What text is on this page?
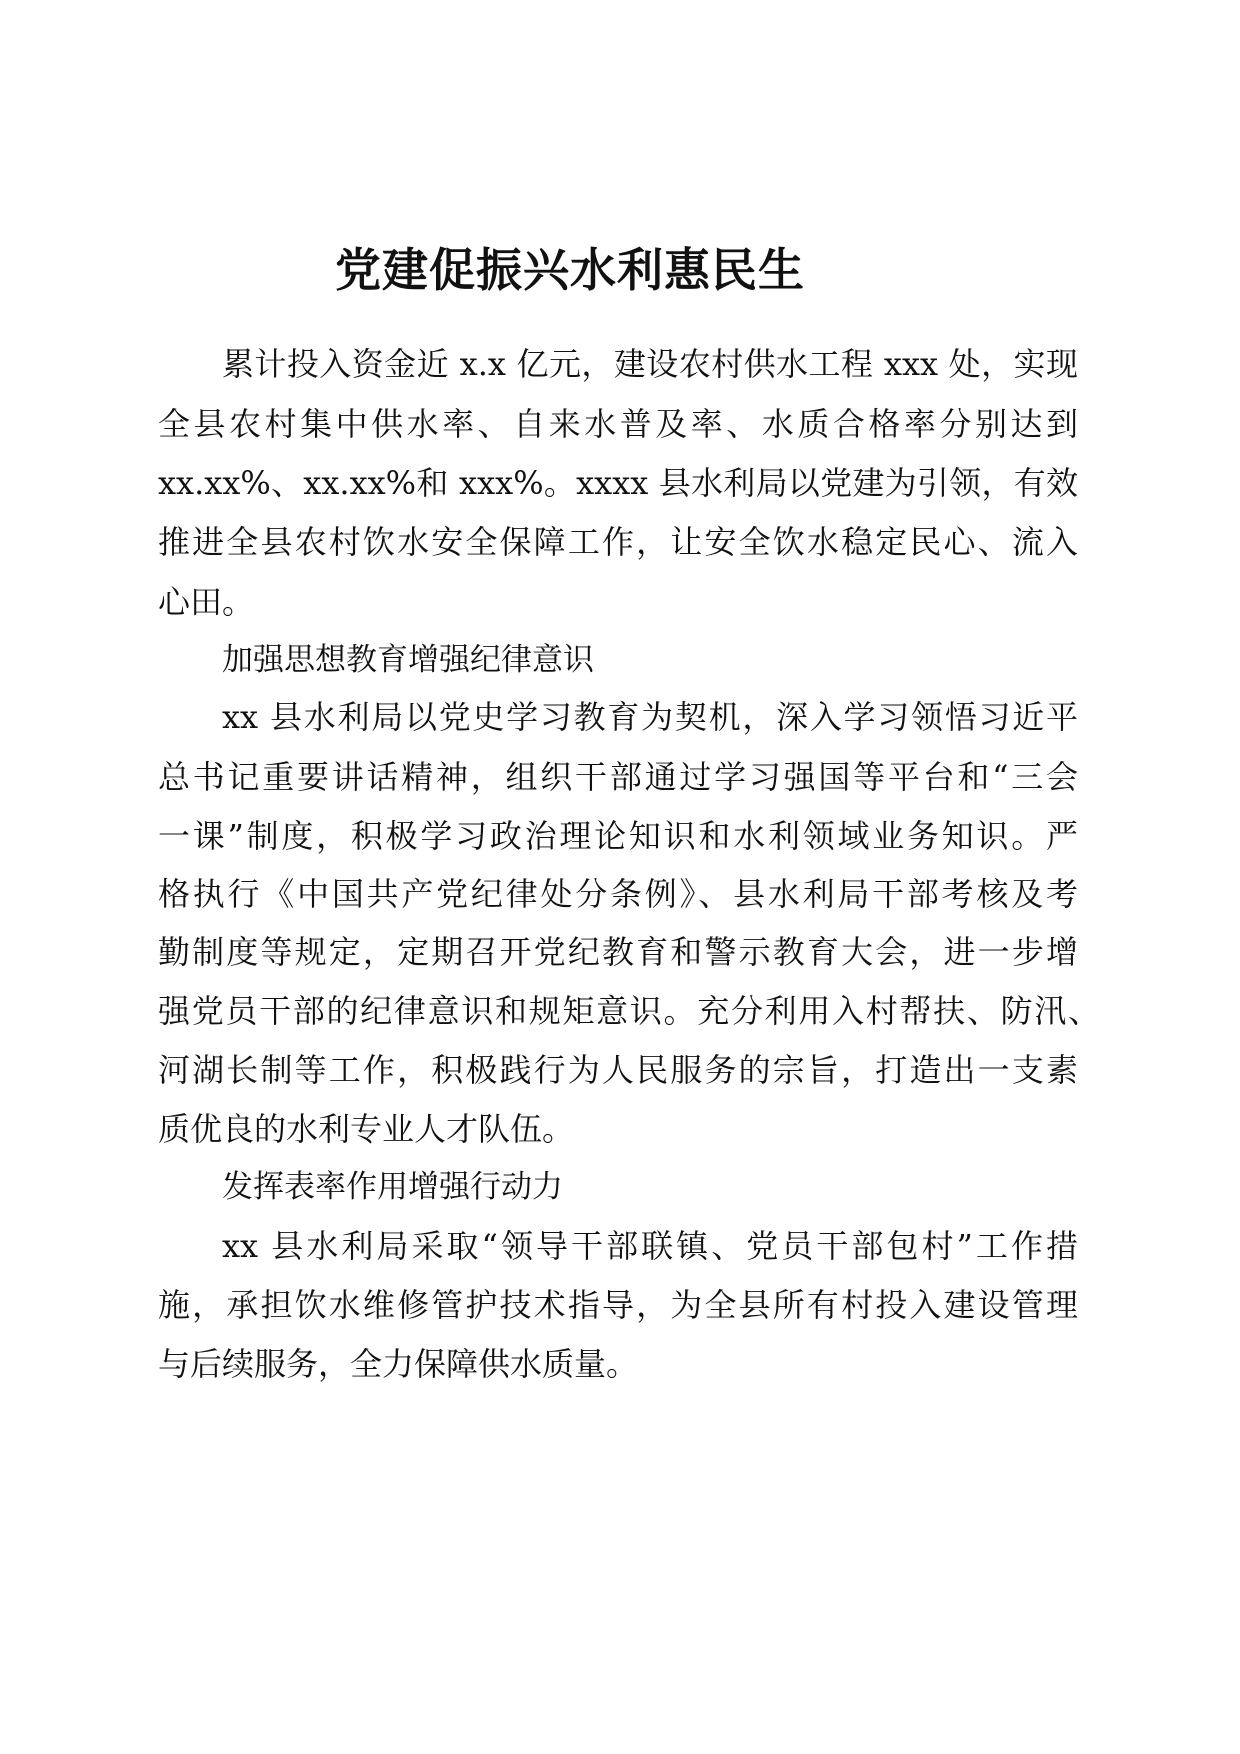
党建促振兴水利惠民生
累计投入资金近 x.x 亿元，建设农村供水工程 xxx 处，实现
全县农村集中供水率、自来水普及率、水质合格率分别达到
xx.xx%、xx.xx%和 xxx%。xxxx 县水利局以党建为引领，有效
推进全县农村饮水安全保障工作，让安全饮水稳定民心、流入
心田。
加强思想教育增强纪律意识
xx 县水利局以党史学习教育为契机，深入学习领悟习近平
总书记重要讲话精神，组织干部通过学习强国等平台和“三会
一课”制度，积极学习政治理论知识和水利领域业务知识。严
格执行《中国共产党纪律处分条例》、县水利局干部考核及考
勤制度等规定，定期召开党纪教育和警示教育大会，进一步增
强党员干部的纪律意识和规矩意识。充分利用入村帮扶、防汛、
河湖长制等工作，积极践行为人民服务的宗旨，打造出一支素
质优良的水利专业人才队伍。
发挥表率作用增强行动力
xx 县水利局采取“领导干部联镇、党员干部包村”工作措
施，承担饮水维修管护技术指导，为全县所有村投入建设管理
与后续服务，全力保障供水质量。
